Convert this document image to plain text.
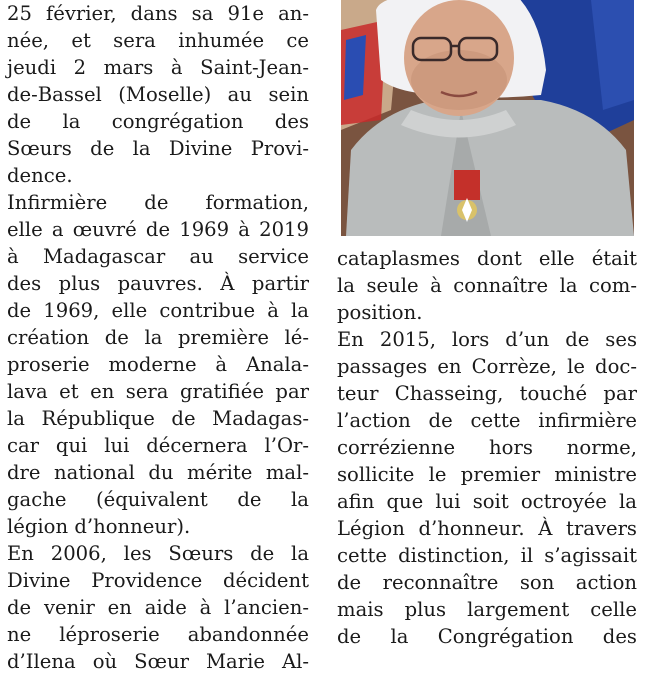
25 février, dans sa 91e an-
née, et sera inhumée ce
jeudi 2 mars à Saint-Jean-
de-Bassel (Moselle) au sein
de la congrégation des
Sœurs de la Divine Provi-
dence.
Infirmière de formation,
elle a œuvré de 1969 à 2019
à Madagascar au service
des plus pauvres. À partir
de 1969, elle contribue à la
création de la première lé-
proserie moderne à Anala-
lava et en sera gratifiée par
la République de Madagas-
car qui lui décernera l’Or-
dre national du mérite mal-
gache (équivalent de la
légion d’honneur).
En 2006, les Sœurs de la
Divine Providence décident
de venir en aide à l’ancien-
ne léproserie abandonnée
d’Ilena où Sœur Marie Al-
cataplasmes dont elle était
la seule à connaître la com-
position.
En 2015, lors d’un de ses
passages en Corrèze, le doc-
teur Chasseing, touché par
l’action de cette infirmière
corrézienne hors norme,
sollicite le premier ministre
afin que lui soit octroyée la
Légion d’honneur. À travers
cette distinction, il s’agissait
de reconnaître son action
mais plus largement celle
de la Congrégation des
